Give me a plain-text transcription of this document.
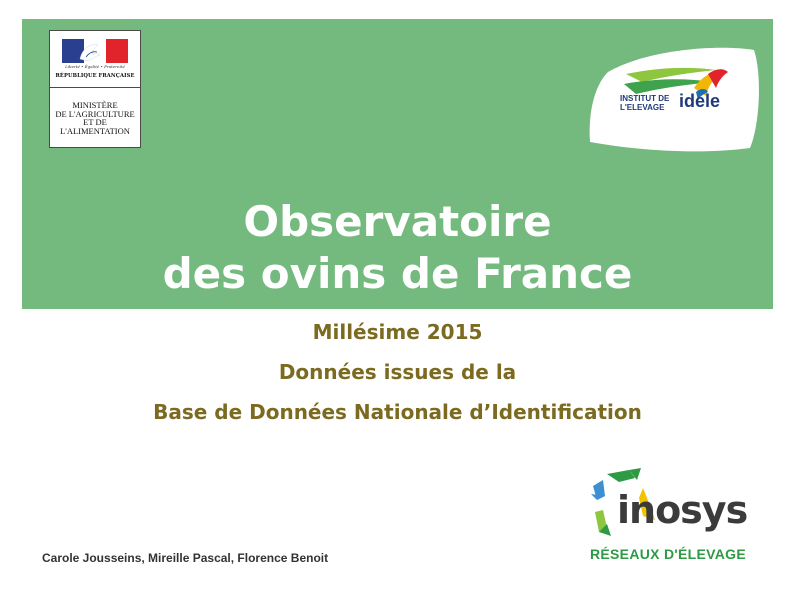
Liberté • Égalité • Fraternité
RÉPUBLIQUE FRANÇAISE
MINISTÈRE
DE L'AGRICULTURE
ET DE
L'ALIMENTATION
INSTITUT DE
L'ELEVAGE idele
Observatoire
des ovins de France
Millésime 2015
Données issues de la
Base de Données Nationale d’Identification
inosys
RÉSEAUX D'ÉLEVAGE
Carole Jousseins, Mireille Pascal, Florence Benoit
